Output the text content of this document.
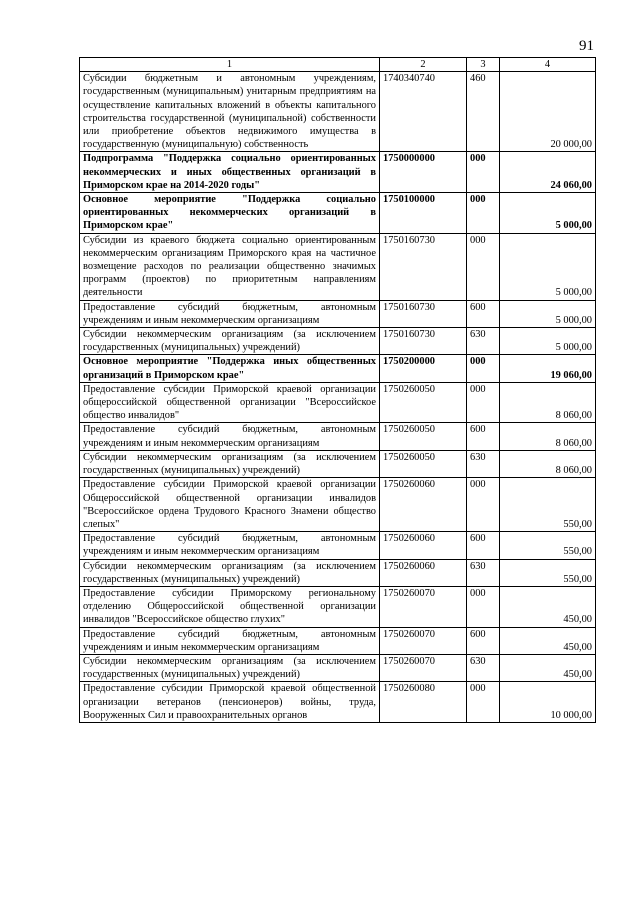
91
1	2	3	4
Субсидии бюджетным и автономным учреждениям, государственным (муниципальным) унитарным предприятиям на осуществление капитальных вложений в объекты капитального строительства государственной (муниципальной) собственности или приобретение объектов недвижимого имущества в государственную (муниципальную) собственность	1740340740	460	20 000,00
Подпрограмма "Поддержка социально ориентированных некоммерческих и иных общественных организаций в Приморском крае на 2014-2020 годы"	1750000000	000	24 060,00
Основное мероприятие "Поддержка социально ориентированных некоммерческих организаций в Приморском крае"	1750100000	000	5 000,00
Субсидии из краевого бюджета социально ориентированным некоммерческим организациям Приморского края на частичное возмещение расходов по реализации общественно значимых программ (проектов) по приоритетным направлениям деятельности	1750160730	000	5 000,00
Предоставление субсидий бюджетным, автономным учреждениям и иным некоммерческим организациям	1750160730	600	5 000,00
Субсидии некоммерческим организациям (за исключением государственных (муниципальных) учреждений)	1750160730	630	5 000,00
Основное мероприятие "Поддержка иных общественных организаций в Приморском крае"	1750200000	000	19 060,00
Предоставление субсидии Приморской краевой организации общероссийской общественной организации "Всероссийское общество инвалидов"	1750260050	000	8 060,00
Предоставление субсидий бюджетным, автономным учреждениям и иным некоммерческим организациям	1750260050	600	8 060,00
Субсидии некоммерческим организациям (за исключением государственных (муниципальных) учреждений)	1750260050	630	8 060,00
Предоставление субсидии Приморской краевой организации Общероссийской общественной организации инвалидов "Всероссийское ордена Трудового Красного Знамени общество слепых"	1750260060	000	550,00
Предоставление субсидий бюджетным, автономным учреждениям и иным некоммерческим организациям	1750260060	600	550,00
Субсидии некоммерческим организациям (за исключением государственных (муниципальных) учреждений)	1750260060	630	550,00
Предоставление субсидии Приморскому региональному отделению Общероссийской общественной организации инвалидов "Всероссийское общество глухих"	1750260070	000	450,00
Предоставление субсидий бюджетным, автономным учреждениям и иным некоммерческим организациям	1750260070	600	450,00
Субсидии некоммерческим организациям (за исключением государственных (муниципальных) учреждений)	1750260070	630	450,00
Предоставление субсидии Приморской краевой общественной организации ветеранов (пенсионеров) войны, труда, Вооруженных Сил и правоохранительных органов	1750260080	000	10 000,00
